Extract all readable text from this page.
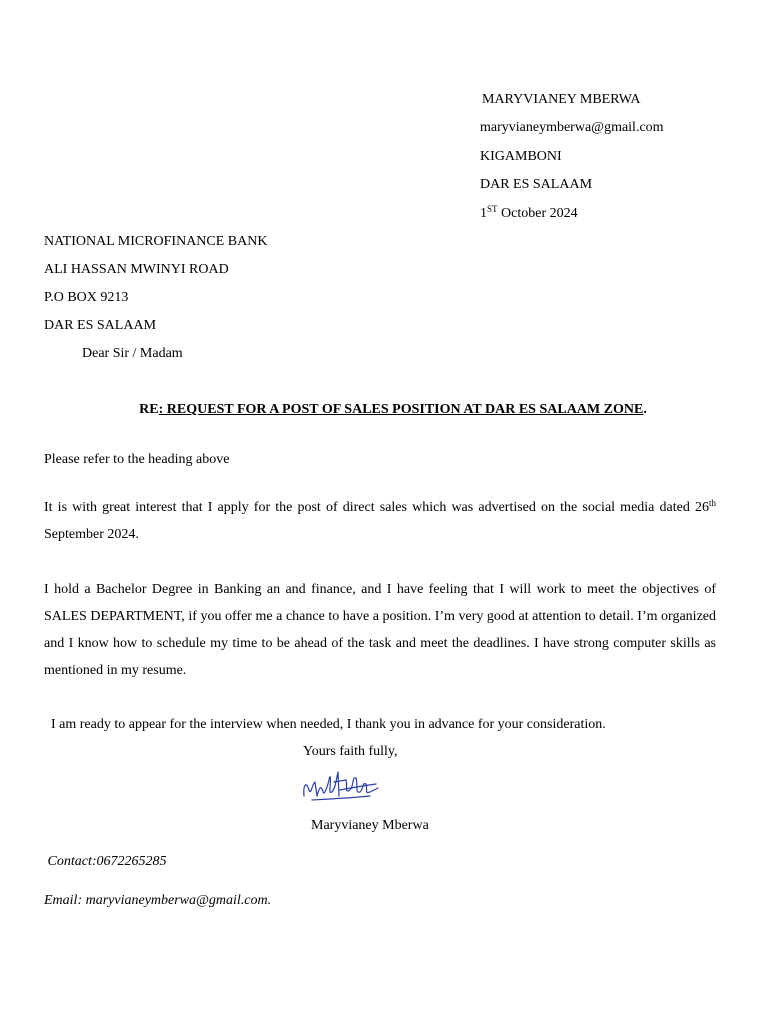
MARYVIANEY MBERWA
maryvianeymberwa@gmail.com
KIGAMBONI
DAR ES SALAAM
1ST October 2024
NATIONAL MICROFINANCE BANK
ALI HASSAN MWINYI ROAD
P.O BOX 9213
DAR ES SALAAM
Dear Sir / Madam
RE: REQUEST FOR A POST OF SALES POSITION AT DAR ES SALAAM ZONE.
Please refer to the heading above
It is with great interest that I apply for the post of direct sales which was advertised on the social media dated 26th September 2024.
I hold a Bachelor Degree in Banking an and finance, and I have feeling that I will work to meet the objectives of SALES DEPARTMENT, if you offer me a chance to have a position. I’m very good at attention to detail. I’m organized and I know how to schedule my time to be ahead of the task and meet the deadlines. I have strong computer skills as mentioned in my resume.
I am ready to appear for the interview when needed, I thank you in advance for your consideration.
Yours faith fully,
Maryvianey Mberwa
Contact:0672265285
Email: maryvianeymberwa@gmail.com.
